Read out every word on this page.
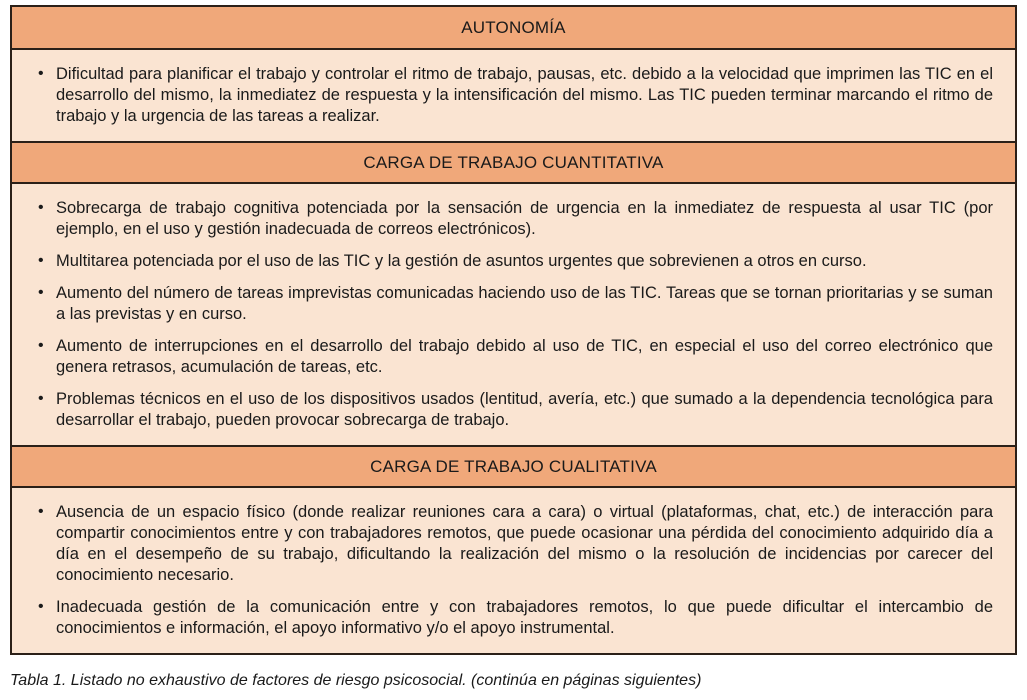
AUTONOMÍA
• Dificultad para planificar el trabajo y controlar el ritmo de trabajo, pausas, etc. debido a la velocidad que imprimen las TIC en el desarrollo del mismo, la inmediatez de respuesta y la intensificación del mismo. Las TIC pueden terminar marcando el ritmo de trabajo y la urgencia de las tareas a realizar.
CARGA DE TRABAJO CUANTITATIVA
• Sobrecarga de trabajo cognitiva potenciada por la sensación de urgencia en la inmediatez de respuesta al usar TIC (por ejemplo, en el uso y gestión inadecuada de correos electrónicos).
• Multitarea potenciada por el uso de las TIC y la gestión de asuntos urgentes que sobrevienen a otros en curso.
• Aumento del número de tareas imprevistas comunicadas haciendo uso de las TIC. Tareas que se tornan prioritarias y se suman a las previstas y en curso.
• Aumento de interrupciones en el desarrollo del trabajo debido al uso de TIC, en especial el uso del correo electrónico que genera retrasos, acumulación de tareas, etc.
• Problemas técnicos en el uso de los dispositivos usados (lentitud, avería, etc.) que sumado a la dependencia tecnológica para desarrollar el trabajo, pueden provocar sobrecarga de trabajo.
CARGA DE TRABAJO CUALITATIVA
• Ausencia de un espacio físico (donde realizar reuniones cara a cara) o virtual (plataformas, chat, etc.) de interacción para compartir conocimientos entre y con trabajadores remotos, que puede ocasionar una pérdida del conocimiento adquirido día a día en el desempeño de su trabajo, dificultando la realización del mismo o la resolución de incidencias por carecer del conocimiento necesario.
• Inadecuada gestión de la comunicación entre y con trabajadores remotos, lo que puede dificultar el intercambio de conocimientos e información, el apoyo informativo y/o el apoyo instrumental.
Tabla 1. Listado no exhaustivo de factores de riesgo psicosocial. (continúa en páginas siguientes)
